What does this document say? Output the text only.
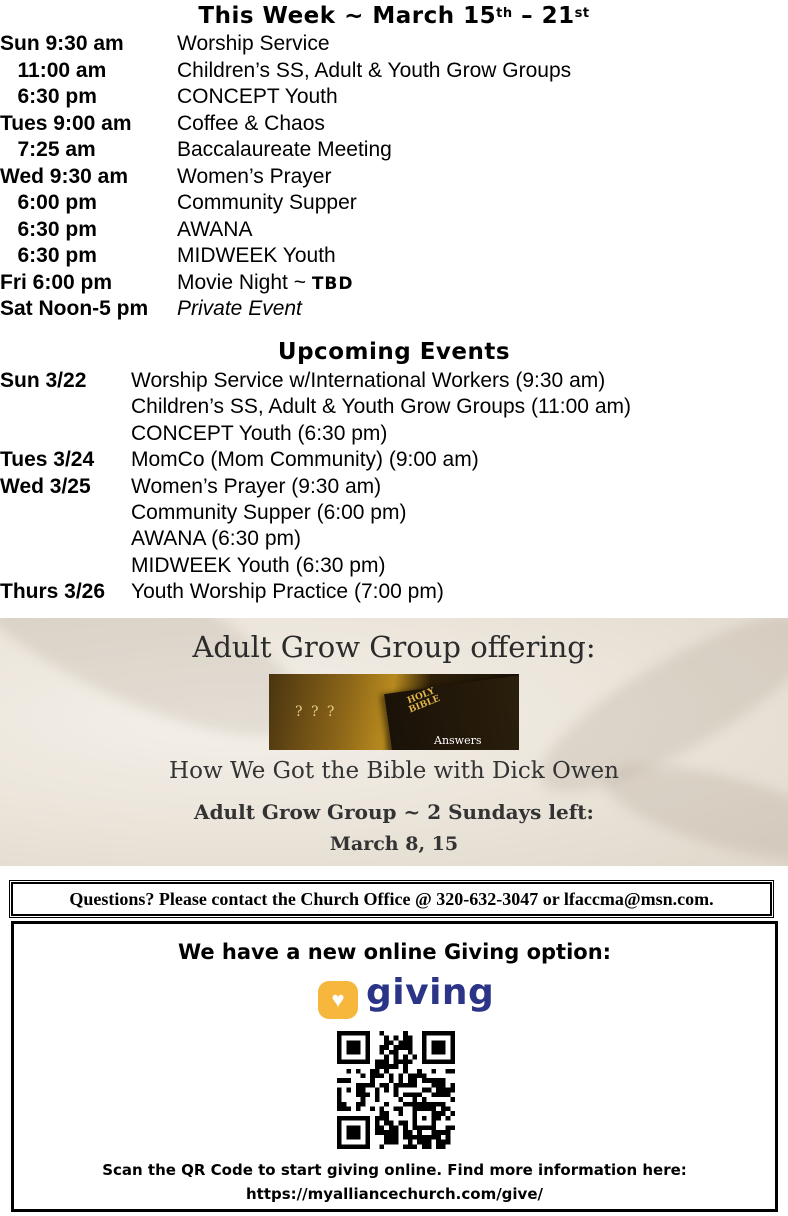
This Week ~ March 15th – 21st
Sun 9:30 am	Worship Service
11:00 am	Children’s SS, Adult & Youth Grow Groups
6:30 pm	CONCEPT Youth
Tues 9:00 am Coffee & Chaos
7:25 am	Baccalaureate Meeting
Wed 9:30 am Women’s Prayer
6:00 pm	Community Supper
6:30 pm	AWANA
6:30 pm	MIDWEEK Youth
Fri 6:00 pm	Movie Night ~ TBD
Sat Noon-5 pm Private Event
Upcoming Events
Sun 3/22 Worship Service w/International Workers (9:30 am)
Children’s SS, Adult & Youth Grow Groups (11:00 am)
CONCEPT Youth (6:30 pm)
Tues 3/24 MomCo (Mom Community) (9:00 am)
Wed 3/25 Women’s Prayer (9:30 am)
Community Supper (6:00 pm)
AWANA (6:30 pm)
MIDWEEK Youth (6:30 pm)
Thurs 3/26 Youth Worship Practice (7:00 pm)
Adult Grow Group offering:
? ? ?
HOLY BIBLE
Answers
How We Got the Bible with Dick Owen
Adult Grow Group ~ 2 Sundays left:
March 8, 15
Questions? Please contact the Church Office @ 320-632-3047 or lfaccma@msn.com.
We have a new online Giving option:
♥ giving
Scan the QR Code to start giving online. Find more information here:
https://myalliancechurch.com/give/
